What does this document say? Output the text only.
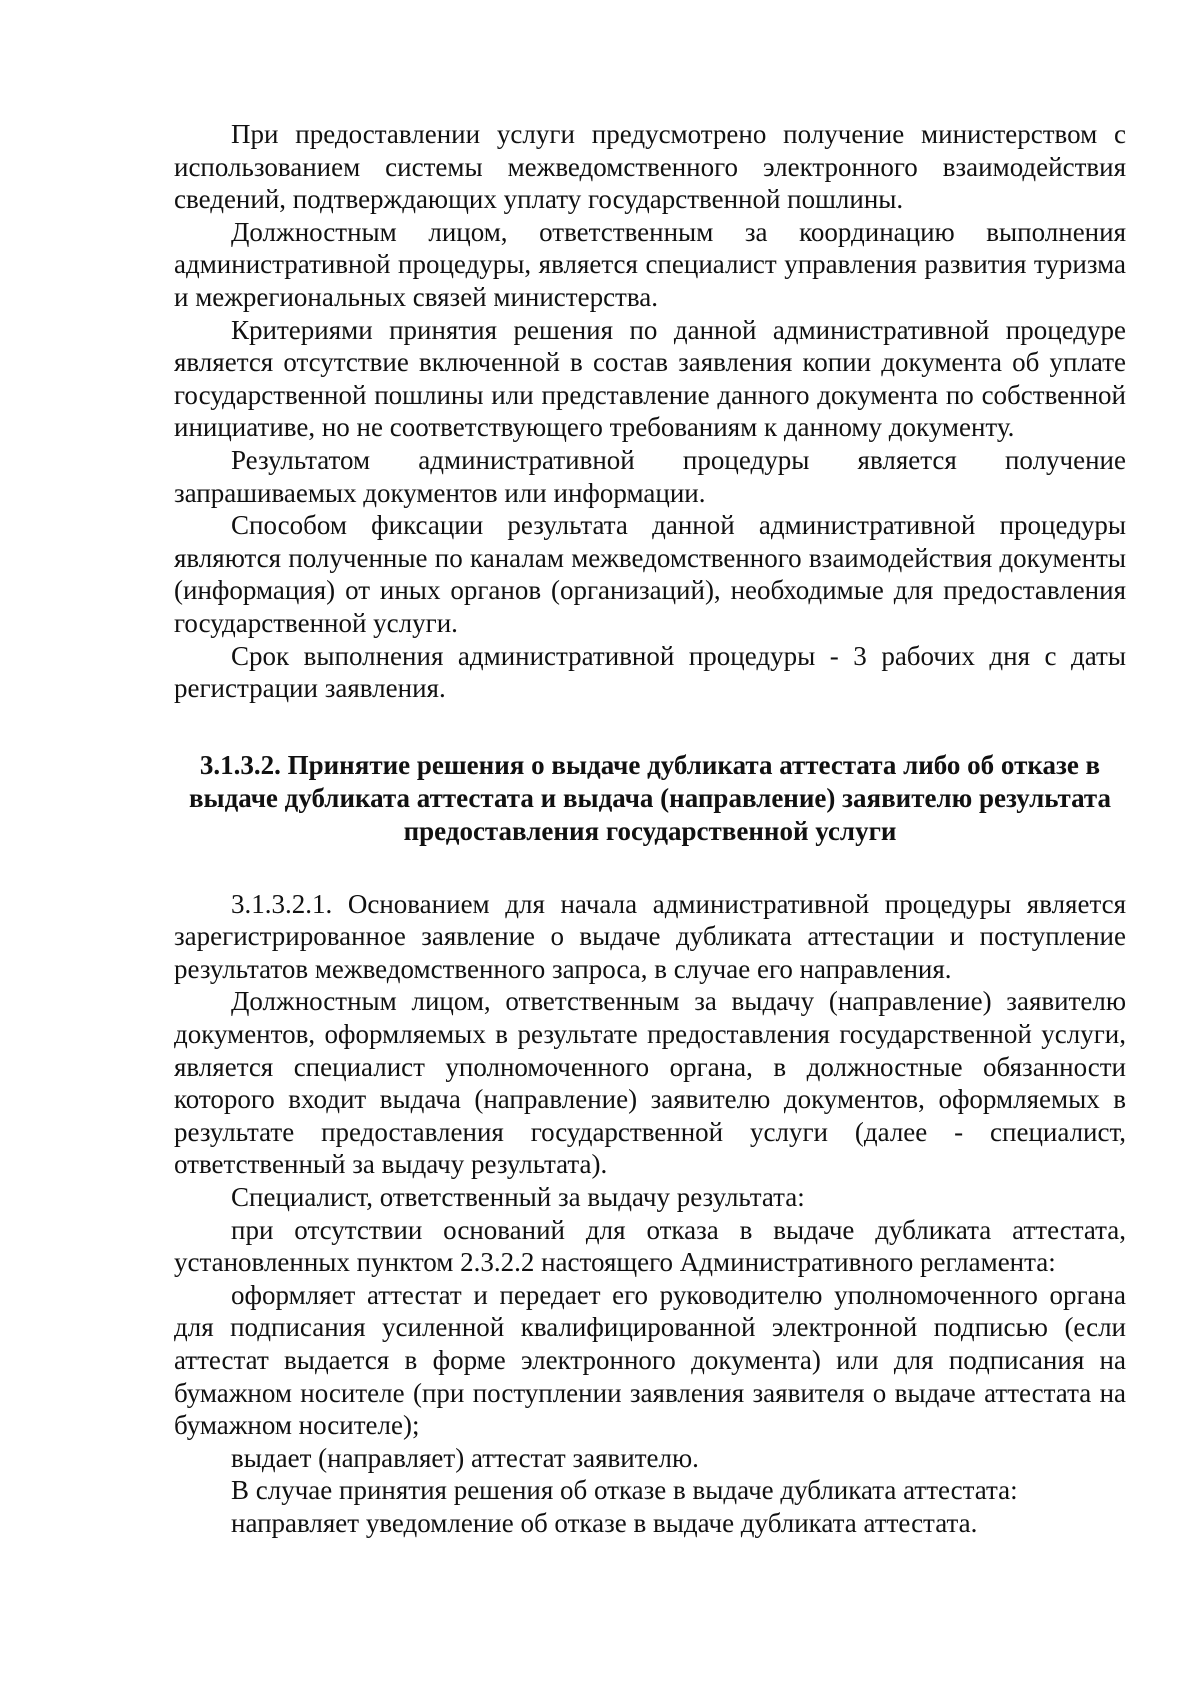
При предоставлении услуги предусмотрено получение министерством с использованием системы межведомственного электронного взаимодействия сведений, подтверждающих уплату государственной пошлины.

Должностным лицом, ответственным за координацию выполнения административной процедуры, является специалист управления развития туризма и межрегиональных связей министерства.

Критериями принятия решения по данной административной процедуре является отсутствие включенной в состав заявления копии документа об уплате государственной пошлины или представление данного документа по собственной инициативе, но не соответствующего требованиям к данному документу.

Результатом административной процедуры является получение запрашиваемых документов или информации.

Способом фиксации результата данной административной процедуры являются полученные по каналам межведомственного взаимодействия документы (информация) от иных органов (организаций), необходимые для предоставления государственной услуги.

Срок выполнения административной процедуры - 3 рабочих дня с даты регистрации заявления.

3.1.3.2. Принятие решения о выдаче дубликата аттестата либо об отказе в выдаче дубликата аттестата и выдача (направление) заявителю результата предоставления государственной услуги

3.1.3.2.1. Основанием для начала административной процедуры является зарегистрированное заявление о выдаче дубликата аттестации и поступление результатов межведомственного запроса, в случае его направления.

Должностным лицом, ответственным за выдачу (направление) заявителю документов, оформляемых в результате предоставления государственной услуги, является специалист уполномоченного органа, в должностные обязанности которого входит выдача (направление) заявителю документов, оформляемых в результате предоставления государственной услуги (далее - специалист, ответственный за выдачу результата).

Специалист, ответственный за выдачу результата:

при отсутствии оснований для отказа в выдаче дубликата аттестата, установленных пунктом 2.3.2.2 настоящего Административного регламента:

оформляет аттестат и передает его руководителю уполномоченного органа для подписания усиленной квалифицированной электронной подписью (если аттестат выдается в форме электронного документа) или для подписания на бумажном носителе (при поступлении заявления заявителя о выдаче аттестата на бумажном носителе);

выдает (направляет) аттестат заявителю.

В случае принятия решения об отказе в выдаче дубликата аттестата:

направляет уведомление об отказе в выдаче дубликата аттестата.
